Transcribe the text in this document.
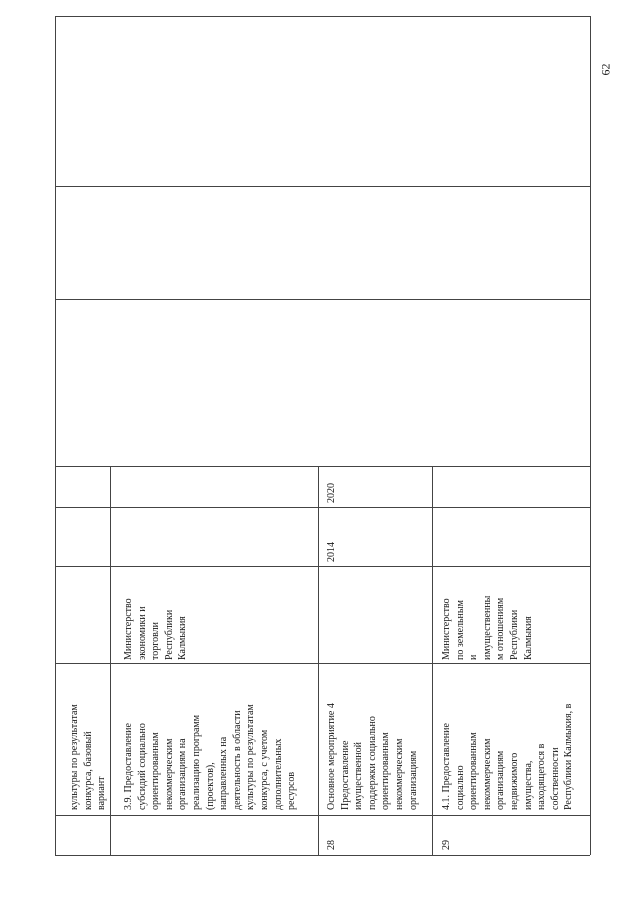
62
культуры по результатам
конкурса, базовый
вариант 3.9. Предоставление
субсидий социально
ориентированным
некоммерческим
организациям на
реализацию программ
(проектов),
направленных на
деятельность в области
культуры по результатам
конкурса, с учетом
дополнительных
ресурсов
Министерство
экономики и
торговли
Республики
Калмыкия
28
Основное мероприятие 4
Предоставление
имущественной
поддержки социально
ориентированным
некоммерческим
организациям
2014
2020
29
4.1. Предоставление
социально
ориентированным
некоммерческим
организациям
недвижимого
имущества,
находящегося в
собственности
Республики Калмыкия, в
Министерство
по земельным
и
имущественны
м отношениям
Республики
Калмыкия
